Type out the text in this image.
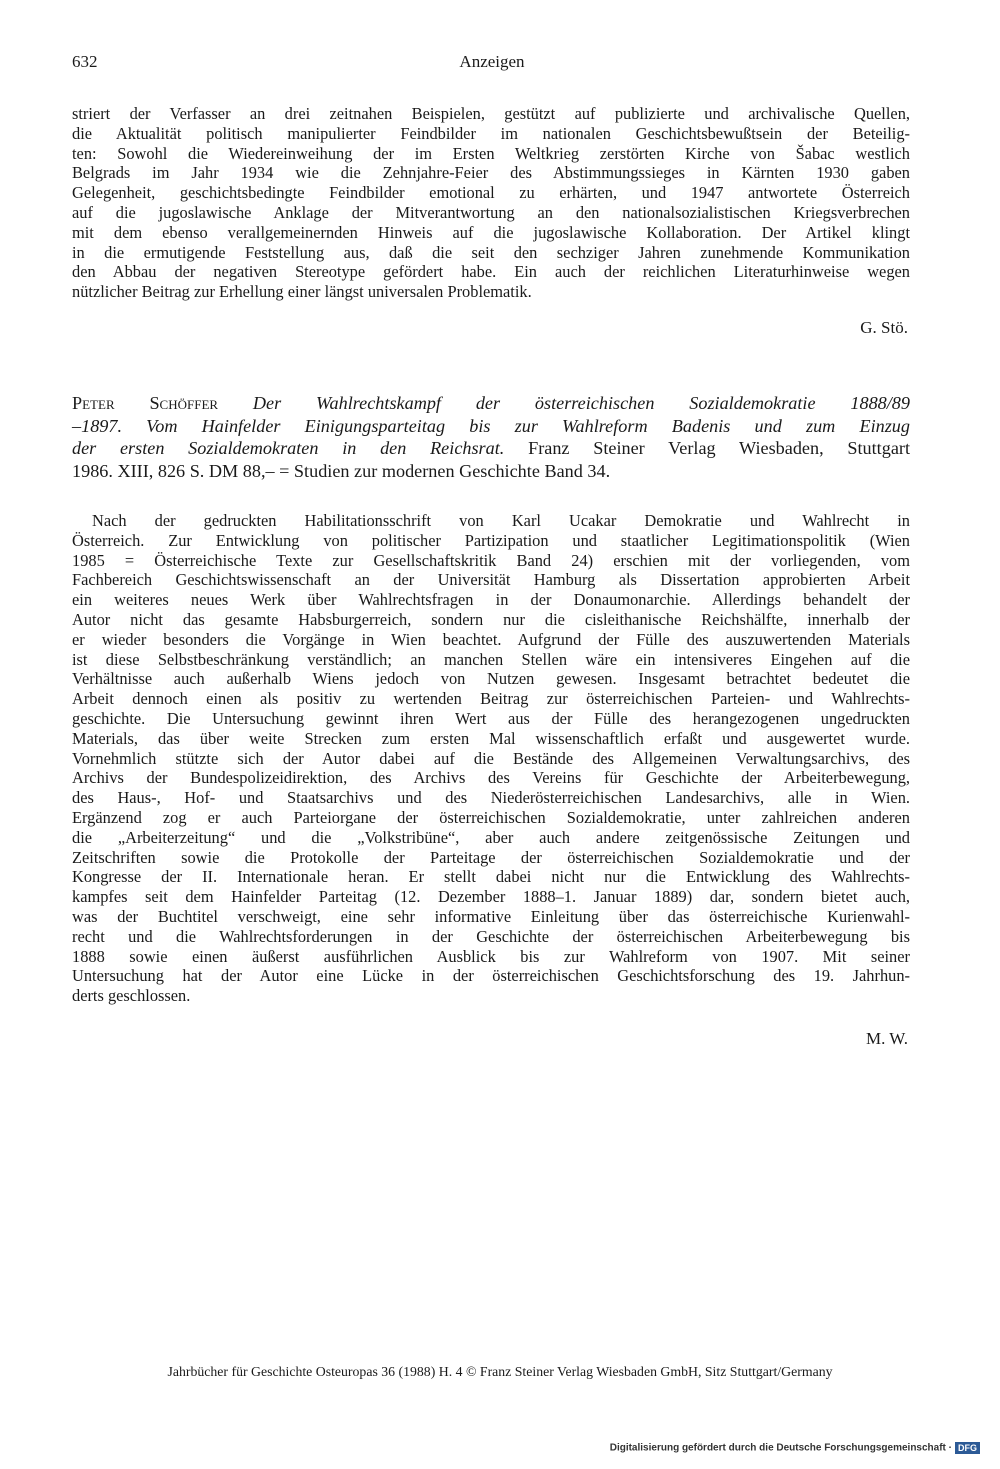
632	Anzeigen
striert der Verfasser an drei zeitnahen Beispielen, gestützt auf publizierte und archivalische Quellen,
die Aktualität politisch manipulierter Feindbilder im nationalen Geschichtsbewußtsein der Beteilig-
ten: Sowohl die Wiedereinweihung der im Ersten Weltkrieg zerstörten Kirche von Šabac westlich
Belgrads im Jahr 1934 wie die Zehnjahre-Feier des Abstimmungssieges in Kärnten 1930 gaben
Gelegenheit, geschichtsbedingte Feindbilder emotional zu erhärten, und 1947 antwortete Österreich
auf die jugoslawische Anklage der Mitverantwortung an den nationalsozialistischen Kriegsverbrechen
mit dem ebenso verallgemeinernden Hinweis auf die jugoslawische Kollaboration. Der Artikel klingt
in die ermutigende Feststellung aus, daß die seit den sechziger Jahren zunehmende Kommunikation
den Abbau der negativen Stereotype gefördert habe. Ein auch der reichlichen Literaturhinweise wegen
nützlicher Beitrag zur Erhellung einer längst universalen Problematik.
G. Stö.
Peter Schöffer Der Wahlrechtskampf der österreichischen Sozialdemokratie 1888/89
–1897. Vom Hainfelder Einigungsparteitag bis zur Wahlreform Badenis und zum Einzug
der ersten Sozialdemokraten in den Reichsrat. Franz Steiner Verlag Wiesbaden, Stuttgart
1986. XIII, 826 S. DM 88,– = Studien zur modernen Geschichte Band 34.
Nach der gedruckten Habilitationsschrift von Karl Ucakar Demokratie und Wahlrecht in
Österreich. Zur Entwicklung von politischer Partizipation und staatlicher Legitimationspolitik (Wien
1985 = Österreichische Texte zur Gesellschaftskritik Band 24) erschien mit der vorliegenden, vom
Fachbereich Geschichtswissenschaft an der Universität Hamburg als Dissertation approbierten Arbeit
ein weiteres neues Werk über Wahlrechtsfragen in der Donaumonarchie. Allerdings behandelt der
Autor nicht das gesamte Habsburgerreich, sondern nur die cisleithanische Reichshälfte, innerhalb der
er wieder besonders die Vorgänge in Wien beachtet. Aufgrund der Fülle des auszuwertenden Materials
ist diese Selbstbeschränkung verständlich; an manchen Stellen wäre ein intensiveres Eingehen auf die
Verhältnisse auch außerhalb Wiens jedoch von Nutzen gewesen. Insgesamt betrachtet bedeutet die
Arbeit dennoch einen als positiv zu wertenden Beitrag zur österreichischen Parteien- und Wahlrechts-
geschichte. Die Untersuchung gewinnt ihren Wert aus der Fülle des herangezogenen ungedruckten
Materials, das über weite Strecken zum ersten Mal wissenschaftlich erfaßt und ausgewertet wurde.
Vornehmlich stützte sich der Autor dabei auf die Bestände des Allgemeinen Verwaltungsarchivs, des
Archivs der Bundespolizeidirektion, des Archivs des Vereins für Geschichte der Arbeiterbewegung,
des Haus-, Hof- und Staatsarchivs und des Niederösterreichischen Landesarchivs, alle in Wien.
Ergänzend zog er auch Parteiorgane der österreichischen Sozialdemokratie, unter zahlreichen anderen
die „Arbeiterzeitung“ und die „Volkstribüne“, aber auch andere zeitgenössische Zeitungen und
Zeitschriften sowie die Protokolle der Parteitage der österreichischen Sozialdemokratie und der
Kongresse der II. Internationale heran. Er stellt dabei nicht nur die Entwicklung des Wahlrechts-
kampfes seit dem Hainfelder Parteitag (12. Dezember 1888–1. Januar 1889) dar, sondern bietet auch,
was der Buchtitel verschweigt, eine sehr informative Einleitung über das österreichische Kurienwahl-
recht und die Wahlrechtsforderungen in der Geschichte der österreichischen Arbeiterbewegung bis
1888 sowie einen äußerst ausführlichen Ausblick bis zur Wahlreform von 1907. Mit seiner
Untersuchung hat der Autor eine Lücke in der österreichischen Geschichtsforschung des 19. Jahrhun-
derts geschlossen.
M. W.
Jahrbücher für Geschichte Osteuropas 36 (1988) H. 4 © Franz Steiner Verlag Wiesbaden GmbH, Sitz Stuttgart/Germany
Digitalisierung gefördert durch die Deutsche Forschungsgemeinschaft · DFG
